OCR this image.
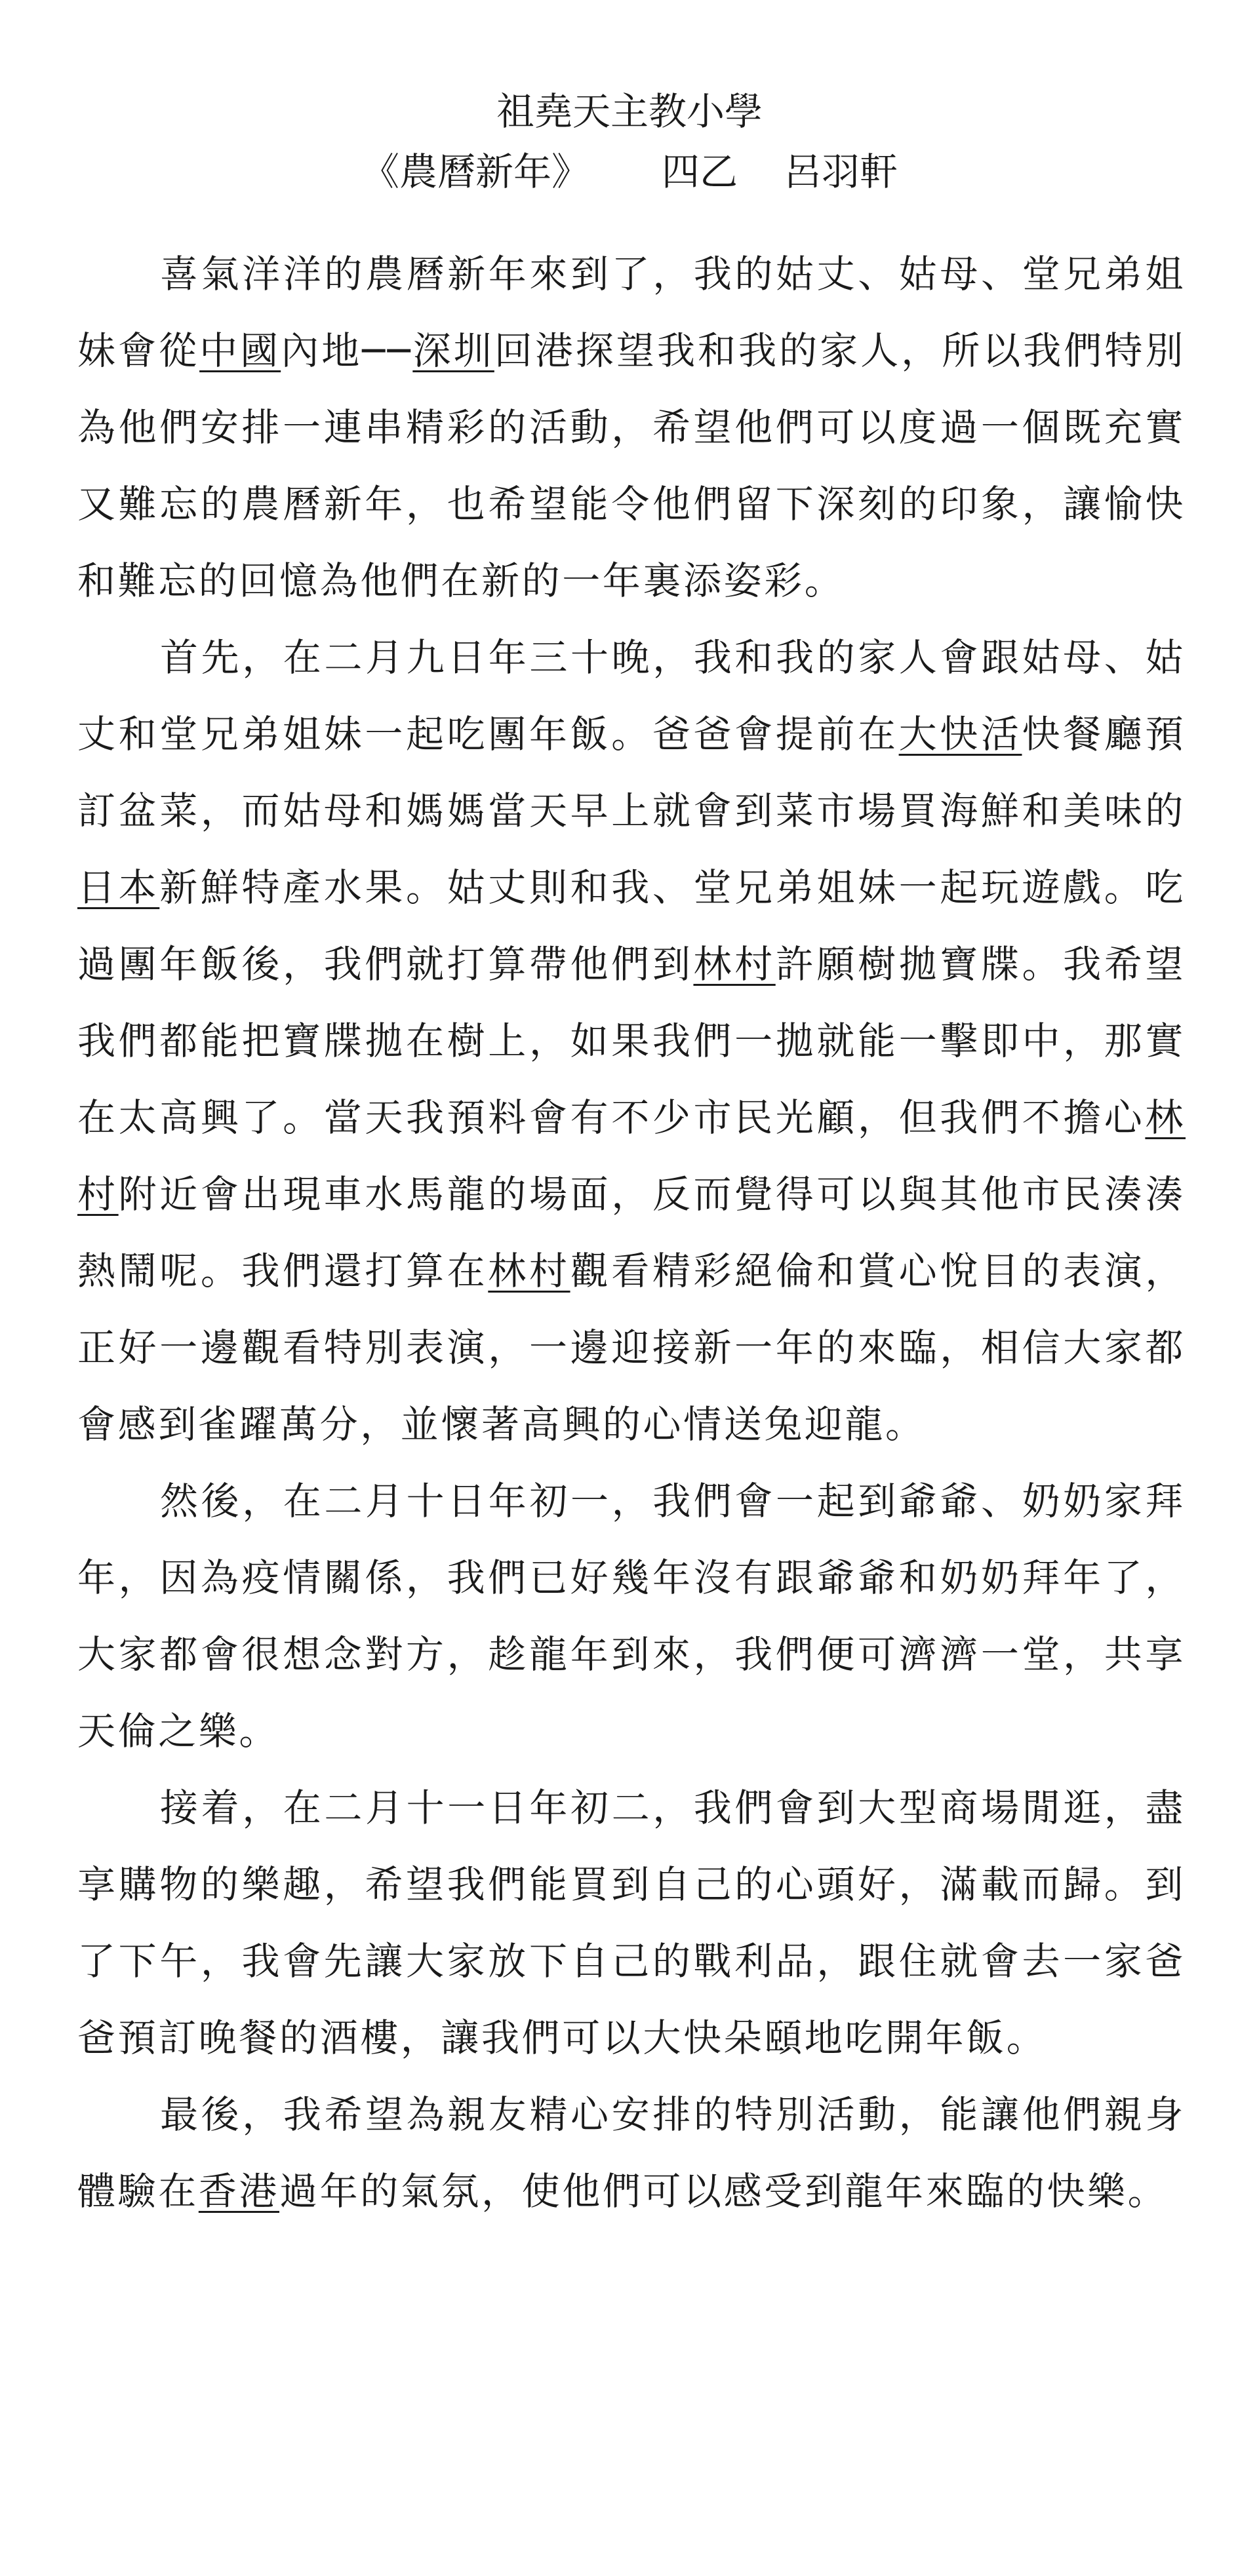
祖堯天主教小學
《農曆新年》 四乙 呂羽軒

喜氣洋洋的農曆新年來到了，我的姑丈、姑母、堂兄弟姐妹會從中國內地──深圳回港探望我和我的家人，所以我們特別為他們安排一連串精彩的活動，希望他們可以度過一個既充實又難忘的農曆新年，也希望能令他們留下深刻的印象，讓愉快和難忘的回憶為他們在新的一年裏添姿彩。

首先，在二月九日年三十晚，我和我的家人會跟姑母、姑丈和堂兄弟姐妹一起吃團年飯。爸爸會提前在大快活快餐廳預訂盆菜，而姑母和媽媽當天早上就會到菜市場買海鮮和美味的日本新鮮特產水果。姑丈則和我、堂兄弟姐妹一起玩遊戲。吃過團年飯後，我們就打算帶他們到林村許願樹拋寶牒。我希望我們都能把寶牒拋在樹上，如果我們一拋就能一擊即中，那實在太高興了。當天我預料會有不少市民光顧，但我們不擔心林村附近會出現車水馬龍的場面，反而覺得可以與其他市民湊湊熱鬧呢。我們還打算在林村觀看精彩絕倫和賞心悅目的表演，正好一邊觀看特別表演，一邊迎接新一年的來臨，相信大家都會感到雀躍萬分，並懷著高興的心情送兔迎龍。

然後，在二月十日年初一，我們會一起到爺爺、奶奶家拜年，因為疫情關係，我們已好幾年沒有跟爺爺和奶奶拜年了，大家都會很想念對方，趁龍年到來，我們便可濟濟一堂，共享天倫之樂。

接着，在二月十一日年初二，我們會到大型商場閒逛，盡享購物的樂趣，希望我們能買到自己的心頭好，滿載而歸。到了下午，我會先讓大家放下自己的戰利品，跟住就會去一家爸爸預訂晚餐的酒樓，讓我們可以大快朵頤地吃開年飯。

最後，我希望為親友精心安排的特別活動，能讓他們親身體驗在香港過年的氣氛，使他們可以感受到龍年來臨的快樂。
